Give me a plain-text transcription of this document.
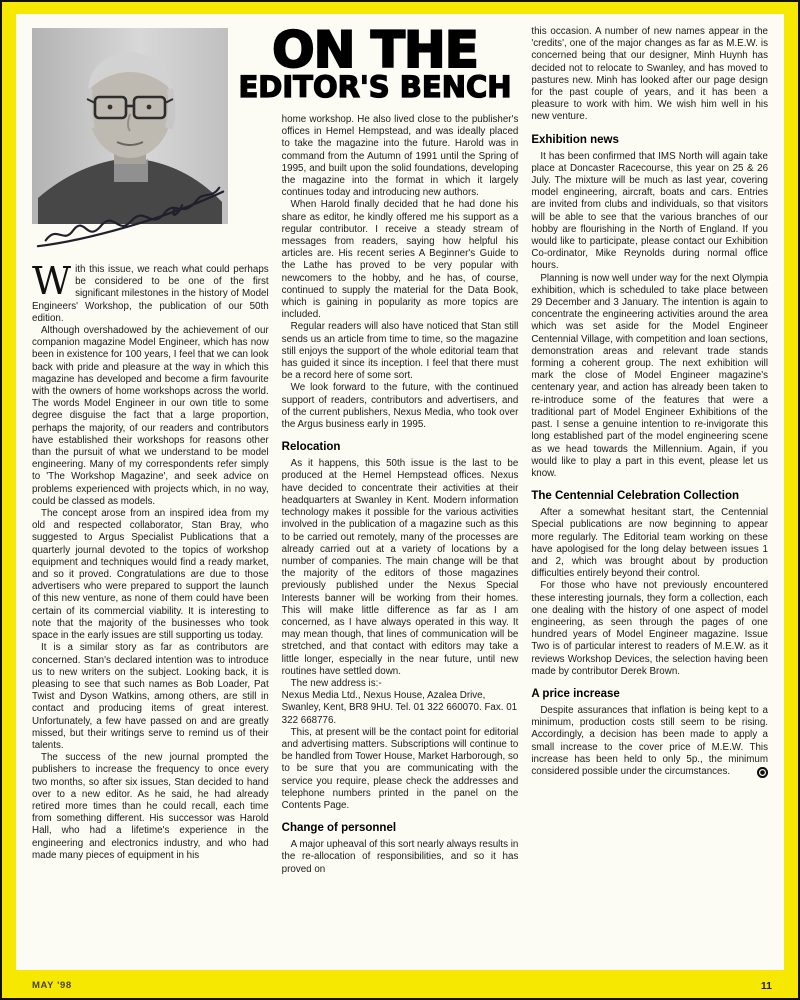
With this issue, we reach what could perhaps be considered to be one of the first significant milestones in the history of Model Engineers' Workshop, the publication of our 50th edition.

Although overshadowed by the achievement of our companion magazine Model Engineer, which has now been in existence for 100 years, I feel that we can look back with pride and pleasure at the way in which this magazine has developed and become a firm favourite with the owners of home workshops across the world. The words Model Engineer in our own title to some degree disguise the fact that a large proportion, perhaps the majority, of our readers and contributors have established their workshops for reasons other than the pursuit of what we understand to be model engineering. Many of my correspondents refer simply to 'The Workshop Magazine', and seek advice on problems experienced with projects which, in no way, could be classed as models.

The concept arose from an inspired idea from my old and respected collaborator, Stan Bray, who suggested to Argus Specialist Publications that a quarterly journal devoted to the topics of workshop equipment and techniques would find a ready market, and so it proved. Congratulations are due to those advertisers who were prepared to support the launch of this new venture, as none of them could have been certain of its commercial viability. It is interesting to note that the majority of the businesses who took space in the early issues are still supporting us today.

It is a similar story as far as contributors are concerned. Stan's declared intention was to introduce us to new writers on the subject. Looking back, it is pleasing to see that such names as Bob Loader, Pat Twist and Dyson Watkins, among others, are still in contact and producing items of great interest. Unfortunately, a few have passed on and are greatly missed, but their writings serve to remind us of their talents.

The success of the new journal prompted the publishers to increase the frequency to once every two months, so after six issues, Stan decided to hand over to a new editor. As he said, he had already retired more times than he could recall, each time from something different. His successor was Harold Hall, who had a lifetime's experience in the engineering and electronics industry, and who had made many pieces of equipment in his

ON THE
EDITOR'S BENCH

home workshop. He also lived close to the publisher's offices in Hemel Hempstead, and was ideally placed to take the magazine into the future. Harold was in command from the Autumn of 1991 until the Spring of 1995, and built upon the solid foundations, developing the magazine into the format in which it largely continues today and introducing new authors.

When Harold finally decided that he had done his share as editor, he kindly offered me his support as a regular contributor. I receive a steady stream of messages from readers, saying how helpful his articles are. His recent series A Beginner's Guide to the Lathe has proved to be very popular with newcomers to the hobby, and he has, of course, continued to supply the material for the Data Book, which is gaining in popularity as more topics are included.

Regular readers will also have noticed that Stan still sends us an article from time to time, so the magazine still enjoys the support of the whole editorial team that has guided it since its inception. I feel that there must be a record here of some sort.

We look forward to the future, with the continued support of readers, contributors and advertisers, and of the current publishers, Nexus Media, who took over the Argus business early in 1995.

Relocation

As it happens, this 50th issue is the last to be produced at the Hemel Hempstead offices. Nexus have decided to concentrate their activities at their headquarters at Swanley in Kent. Modern information technology makes it possible for the various activities involved in the publication of a magazine such as this to be carried out remotely, many of the processes are already carried out at a variety of locations by a number of companies. The main change will be that the majority of the editors of those magazines previously published under the Nexus Special Interests banner will be working from their homes. This will make little difference as far as I am concerned, as I have always operated in this way. It may mean though, that lines of communication will be stretched, and that contact with editors may take a little longer, especially in the near future, until new routines have settled down.

The new address is:-

Nexus Media Ltd., Nexus House, Azalea Drive, Swanley, Kent, BR8 9HU. Tel. 01 322 660070. Fax. 01 322 668776.

This, at present will be the contact point for editorial and advertising matters. Subscriptions will continue to be handled from Tower House, Market Harborough, so to be sure that you are communicating with the service you require, please check the addresses and telephone numbers printed in the panel on the Contents Page.

Change of personnel

A major upheaval of this sort nearly always results in the re-allocation of responsibilities, and so it has proved on

this occasion. A number of new names appear in the 'credits', one of the major changes as far as M.E.W. is concerned being that our designer, Minh Huynh has decided not to relocate to Swanley, and has moved to pastures new. Minh has looked after our page design for the past couple of years, and it has been a pleasure to work with him. We wish him well in his new venture.

Exhibition news

It has been confirmed that IMS North will again take place at Doncaster Racecourse, this year on 25 & 26 July. The mixture will be much as last year, covering model engineering, aircraft, boats and cars. Entries are invited from clubs and individuals, so that visitors will be able to see that the various branches of our hobby are flourishing in the North of England. If you would like to participate, please contact our Exhibition Co-ordinator, Mike Reynolds during normal office hours.

Planning is now well under way for the next Olympia exhibition, which is scheduled to take place between 29 December and 3 January. The intention is again to concentrate the engineering activities around the area which was set aside for the Model Engineer Centennial Village, with competition and loan sections, demonstration areas and relevant trade stands forming a coherent group. The next exhibition will mark the close of Model Engineer magazine's centenary year, and action has already been taken to re-introduce some of the features that were a traditional part of Model Engineer Exhibitions of the past. I sense a genuine intention to re-invigorate this long established part of the model engineering scene as we head towards the Millennium. Again, if you would like to play a part in this event, please let us know.

The Centennial Celebration Collection

After a somewhat hesitant start, the Centennial Special publications are now beginning to appear more regularly. The Editorial team working on these have apologised for the long delay between issues 1 and 2, which was brought about by production difficulties entirely beyond their control.

For those who have not previously encountered these interesting journals, they form a collection, each one dealing with the history of one aspect of model engineering, as seen through the pages of one hundred years of Model Engineer magazine. Issue Two is of particular interest to readers of M.E.W. as it reviews Workshop Devices, the selection having been made by contributor Derek Brown.

A price increase

Despite assurances that inflation is being kept to a minimum, production costs still seem to be rising. Accordingly, a decision has been made to apply a small increase to the cover price of M.E.W. This increase has been held to only 5p., the minimum considered possible under the circumstances.

MAY '98	11
